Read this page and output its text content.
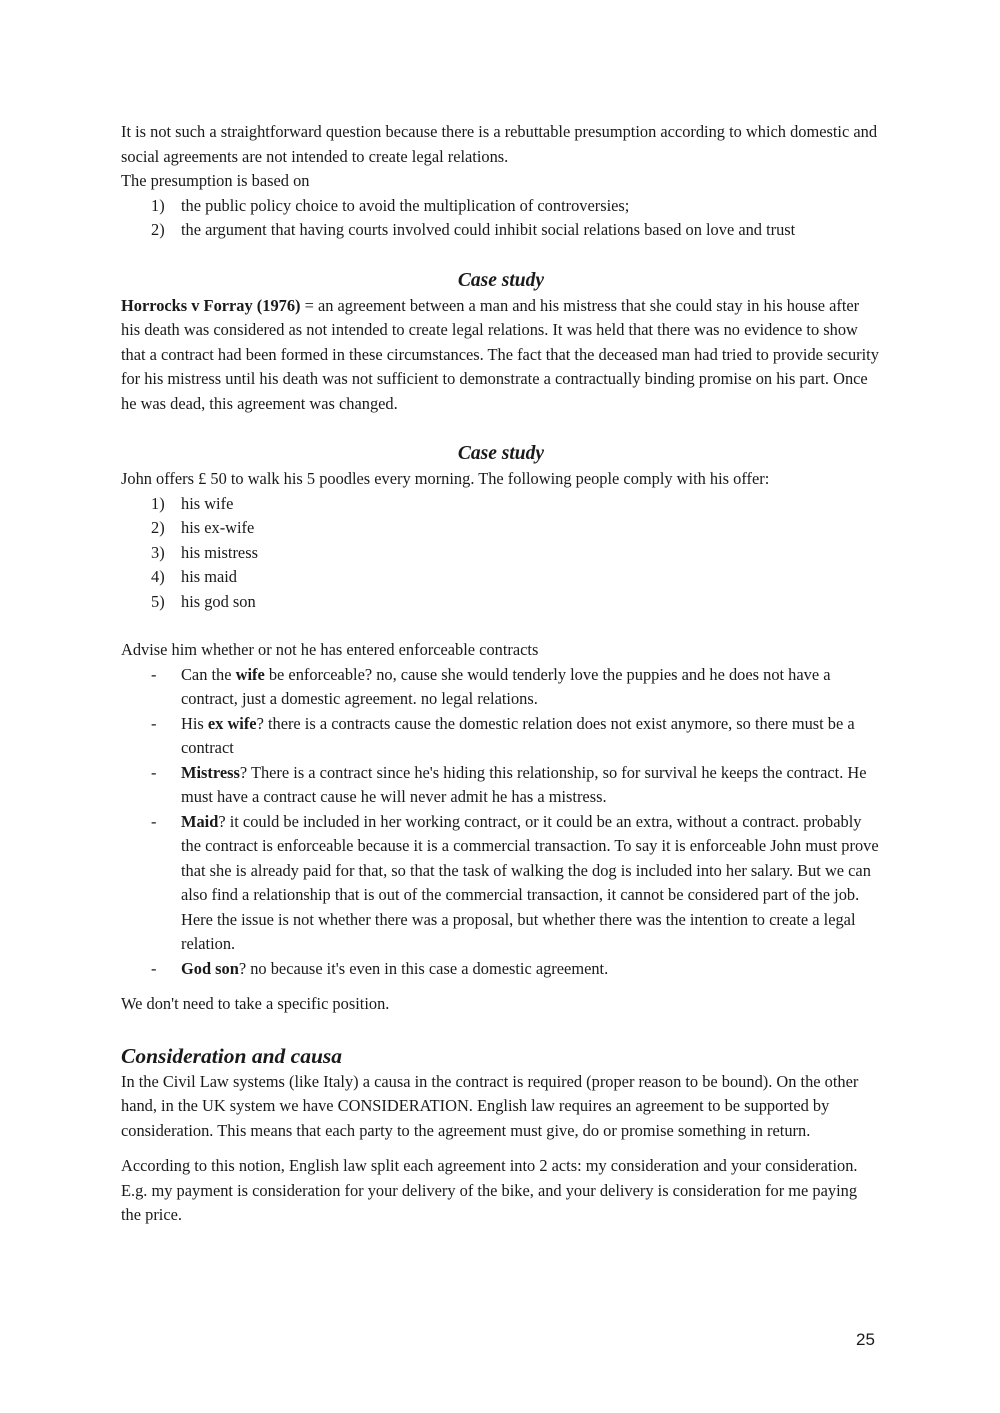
It is not such a straightforward question because there is a rebuttable presumption according to which domestic and social agreements are not intended to create legal relations.

The presumption is based on

1) the public policy choice to avoid the multiplication of controversies;
2) the argument that having courts involved could inhibit social relations based on love and trust
Case study

Horrocks v Forray (1976) = an agreement between a man and his mistress that she could stay in his house after his death was considered as not intended to create legal relations. It was held that there was no evidence to show that a contract had been formed in these circumstances. The fact that the deceased man had tried to provide security for his mistress until his death was not sufficient to demonstrate a contractually binding promise on his part. Once he was dead, this agreement was changed.

Case study

John offers £ 50 to walk his 5 poodles every morning. The following people comply with his offer:

1) his wife
2) his ex-wife
3) his mistress
4) his maid
5) his god son

Advise him whether or not he has entered enforceable contracts

- Can the wife be enforceable? no, cause she would tenderly love the puppies and he does not have a contract, just a domestic agreement. no legal relations.
- His ex wife? there is a contracts cause the domestic relation does not exist anymore, so there must be a contract
- Mistress? There is a contract since he's hiding this relationship, so for survival he keeps the contract. He must have a contract cause he will never admit he has a mistress.
- Maid? it could be included in her working contract, or it could be an extra, without a contract. probably the contract is enforceable because it is a commercial transaction. To say it is enforceable John must prove that she is already paid for that, so that the task of walking the dog is included into her salary. But we can also find a relationship that is out of the commercial transaction, it cannot be considered part of the job. Here the issue is not whether there was a proposal, but whether there was the intention to create a legal relation.
- God son? no because it's even in this case a domestic agreement.

We don't need to take a specific position.

Consideration and causa

In the Civil Law systems (like Italy) a causa in the contract is required (proper reason to be bound). On the other hand, in the UK system we have CONSIDERATION. English law requires an agreement to be supported by consideration. This means that each party to the agreement must give, do or promise something in return.

According to this notion, English law split each agreement into 2 acts: my consideration and your consideration. E.g. my payment is consideration for your delivery of the bike, and your delivery is consideration for me paying the price.

25
